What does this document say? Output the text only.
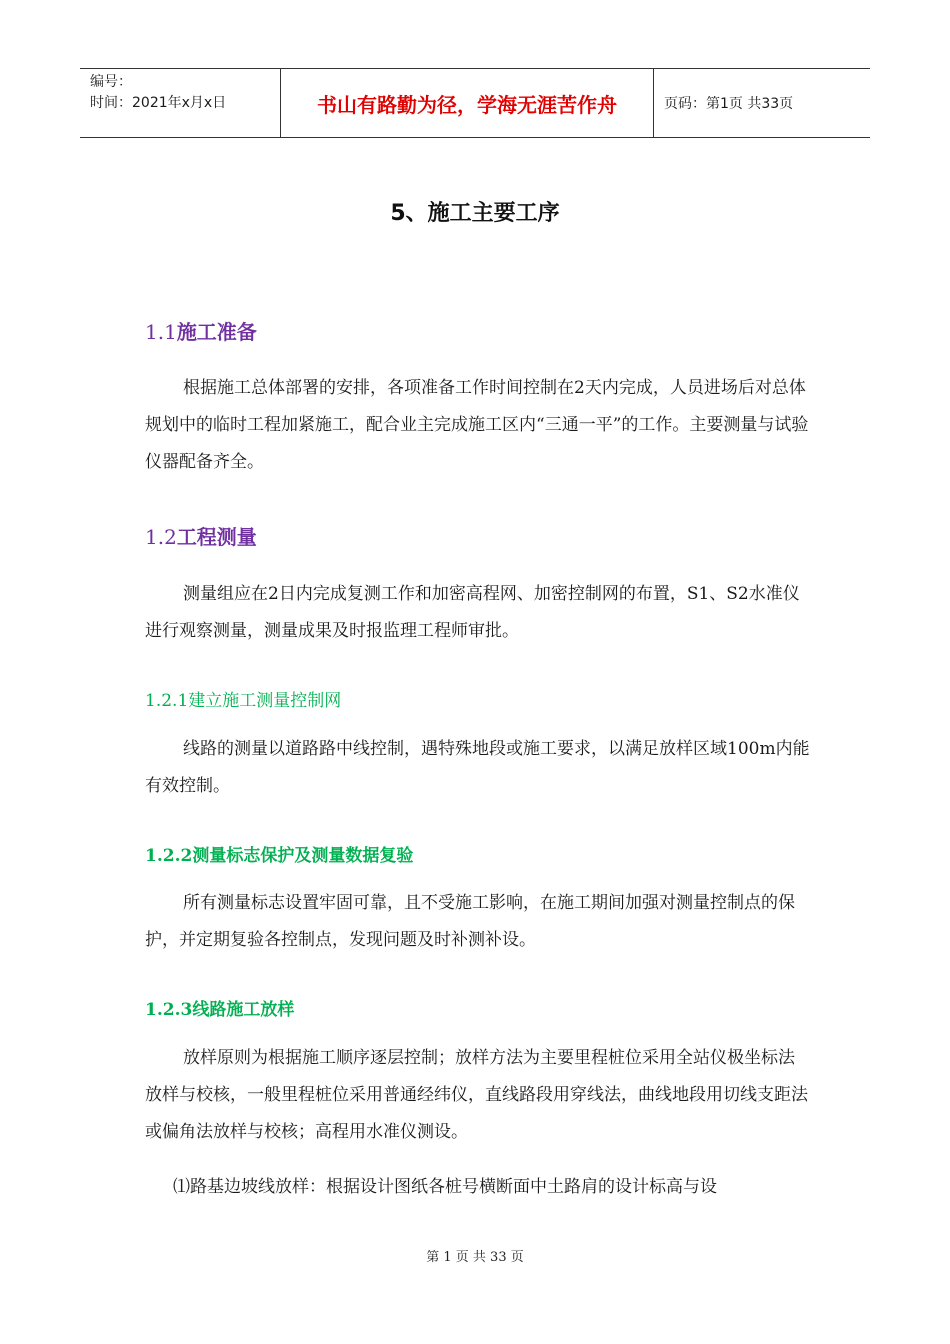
编号：
时间：2021年x月x日	书山有路勤为径，学海无涯苦作舟	页码：第1页 共33页
5、施工主要工序
1.1施工准备

根据施工总体部署的安排，各项准备工作时间控制在2天内完成，人员进场后对总体规划中的临时工程加紧施工，配合业主完成施工区内“三通一平”的工作。主要测量与试验仪器配备齐全。

1.2工程测量

测量组应在2日内完成复测工作和加密高程网、加密控制网的布置，S1、S2水准仪进行观察测量，测量成果及时报监理工程师审批。

1.2.1建立施工测量控制网

线路的测量以道路路中线控制，遇特殊地段或施工要求，以满足放样区域100m内能有效控制。

1.2.2测量标志保护及测量数据复验

所有测量标志设置牢固可靠，且不受施工影响，在施工期间加强对测量控制点的保护，并定期复验各控制点，发现问题及时补测补设。

1.2.3线路施工放样

放样原则为根据施工顺序逐层控制；放样方法为主要里程桩位采用全站仪极坐标法放样与校核，一般里程桩位采用普通经纬仪，直线路段用穿线法，曲线地段用切线支距法或偏角法放样与校核；高程用水准仪测设。

⑴路基边坡线放样：根据设计图纸各桩号横断面中土路肩的设计标高与设

第 1 页 共 33 页
